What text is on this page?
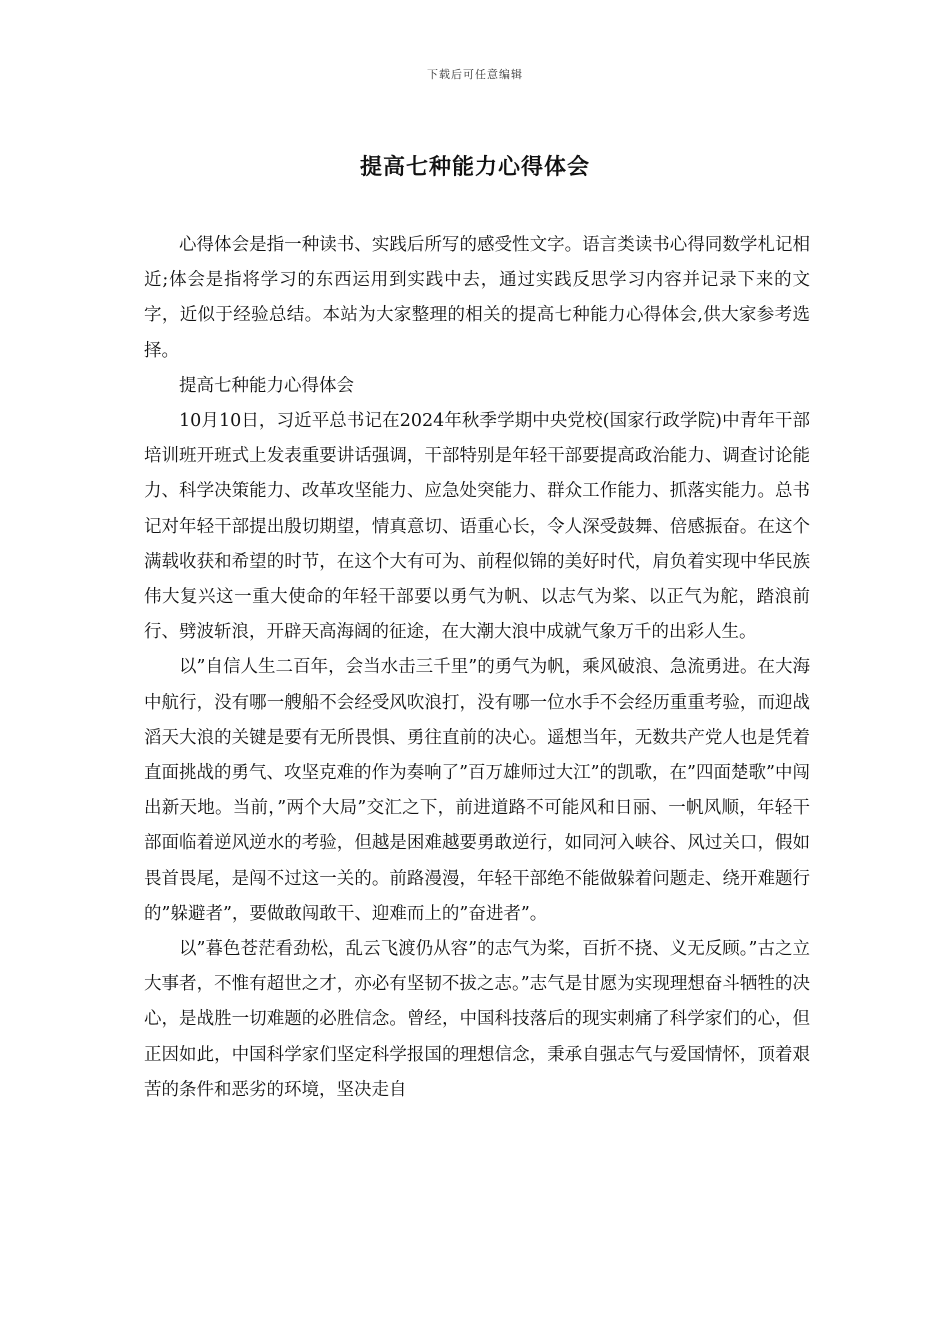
下载后可任意编辑
提高七种能力心得体会

心得体会是指一种读书、实践后所写的感受性文字。语言类读书心得同数学札记相近;体会是指将学习的东西运用到实践中去，通过实践反思学习内容并记录下来的文字，近似于经验总结。本站为大家整理的相关的提高七种能力心得体会,供大家参考选择。

提高七种能力心得体会

10月10日，习近平总书记在2024年秋季学期中央党校(国家行政学院)中青年干部培训班开班式上发表重要讲话强调，干部特别是年轻干部要提高政治能力、调查讨论能力、科学决策能力、改革攻坚能力、应急处突能力、群众工作能力、抓落实能力。总书记对年轻干部提出殷切期望，情真意切、语重心长，令人深受鼓舞、倍感振奋。在这个满载收获和希望的时节，在这个大有可为、前程似锦的美好时代，肩负着实现中华民族伟大复兴这一重大使命的年轻干部要以勇气为帆、以志气为桨、以正气为舵，踏浪前行、劈波斩浪，开辟天高海阔的征途，在大潮大浪中成就气象万千的出彩人生。

以”自信人生二百年，会当水击三千里”的勇气为帆，乘风破浪、急流勇进。在大海中航行，没有哪一艘船不会经受风吹浪打，没有哪一位水手不会经历重重考验，而迎战滔天大浪的关键是要有无所畏惧、勇往直前的决心。遥想当年，无数共产党人也是凭着直面挑战的勇气、攻坚克难的作为奏响了”百万雄师过大江”的凯歌，在”四面楚歌”中闯出新天地。当前，”两个大局”交汇之下，前进道路不可能风和日丽、一帆风顺，年轻干部面临着逆风逆水的考验，但越是困难越要勇敢逆行，如同河入峡谷、风过关口，假如畏首畏尾，是闯不过这一关的。前路漫漫，年轻干部绝不能做躲着问题走、绕开难题行的”躲避者”，要做敢闯敢干、迎难而上的”奋进者”。

以”暮色苍茫看劲松，乱云飞渡仍从容”的志气为桨，百折不挠、义无反顾。”古之立大事者，不惟有超世之才，亦必有坚韧不拔之志。”志气是甘愿为实现理想奋斗牺牲的决心，是战胜一切难题的必胜信念。曾经，中国科技落后的现实刺痛了科学家们的心，但正因如此，中国科学家们坚定科学报国的理想信念，秉承自强志气与爱国情怀，顶着艰苦的条件和恶劣的环境，坚决走自
